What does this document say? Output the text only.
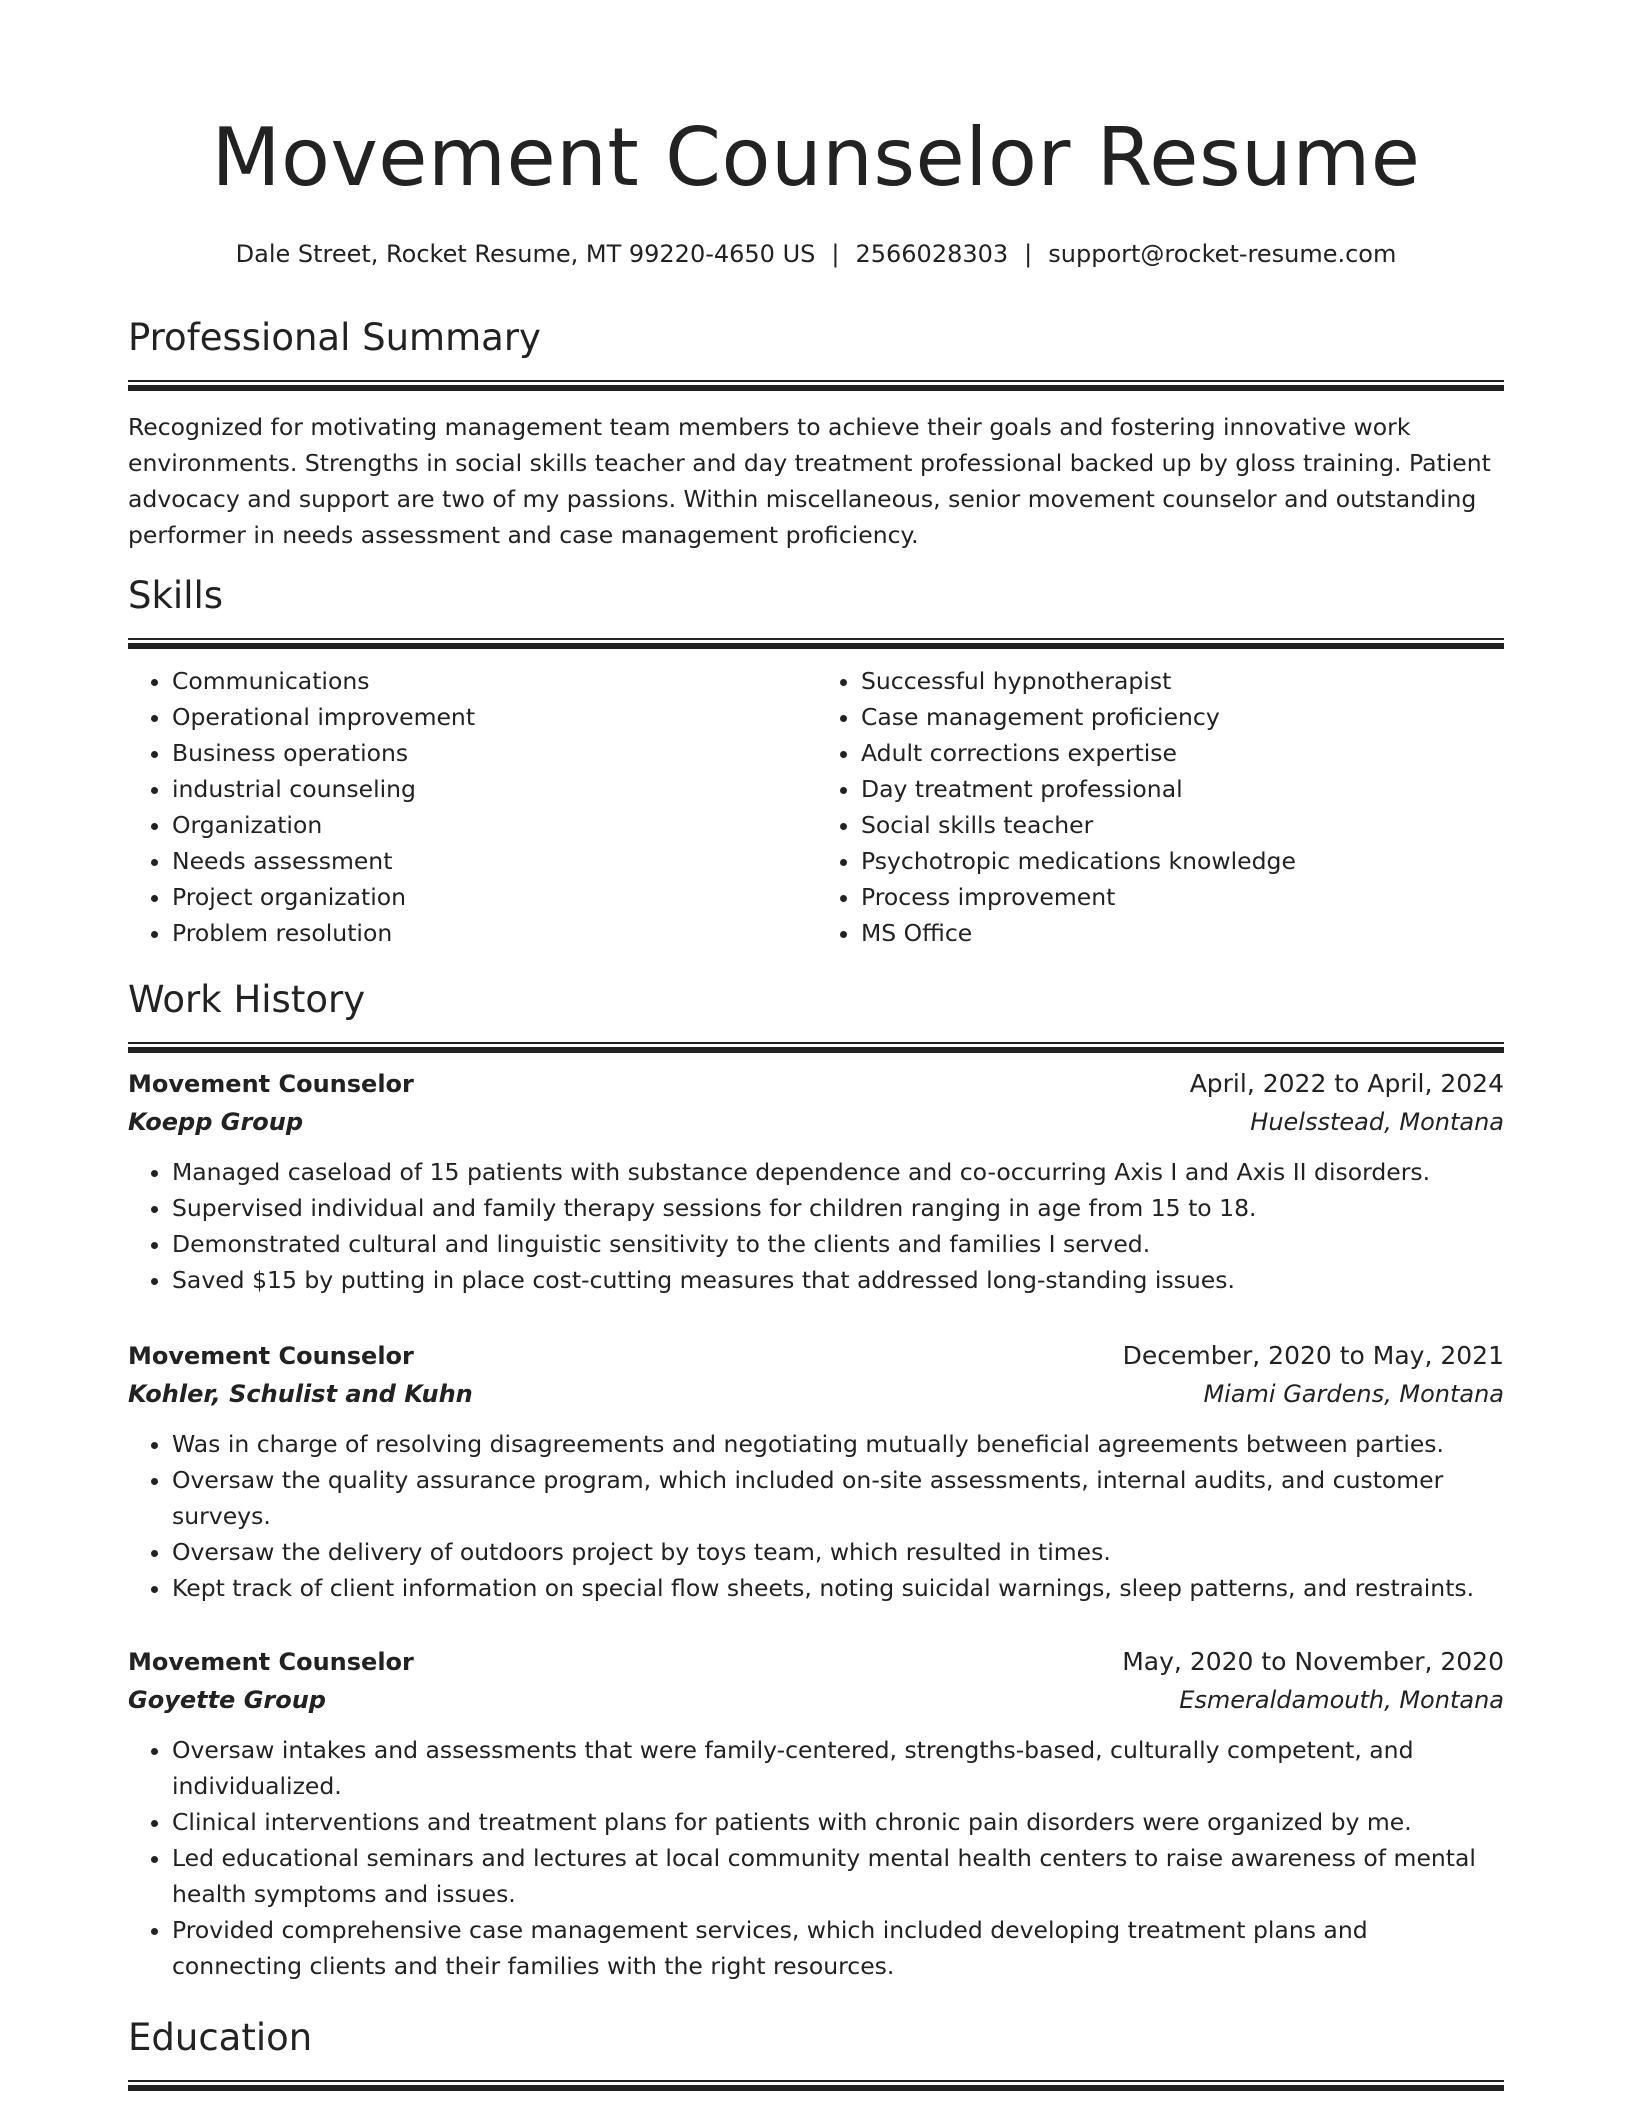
Movement Counselor Resume
Dale Street, Rocket Resume, MT 99220-4650 US | 2566028303 | support@rocket-resume.com
Professional Summary
Recognized for motivating management team members to achieve their goals and fostering innovative work environments. Strengths in social skills teacher and day treatment professional backed up by gloss training. Patient advocacy and support are two of my passions. Within miscellaneous, senior movement counselor and outstanding performer in needs assessment and case management proficiency.
Skills
• Communications
• Operational improvement
• Business operations
• industrial counseling
• Organization
• Needs assessment
• Project organization
• Problem resolution
• Successful hypnotherapist
• Case management proficiency
• Adult corrections expertise
• Day treatment professional
• Social skills teacher
• Psychotropic medications knowledge
• Process improvement
• MS Office
Work History
Movement Counselor	April, 2022 to April, 2024
Koepp Group	Huelsstead, Montana
• Managed caseload of 15 patients with substance dependence and co-occurring Axis I and Axis II disorders.
• Supervised individual and family therapy sessions for children ranging in age from 15 to 18.
• Demonstrated cultural and linguistic sensitivity to the clients and families I served.
• Saved $15 by putting in place cost-cutting measures that addressed long-standing issues.
Movement Counselor	December, 2020 to May, 2021
Kohler, Schulist and Kuhn	Miami Gardens, Montana
• Was in charge of resolving disagreements and negotiating mutually beneficial agreements between parties.
• Oversaw the quality assurance program, which included on-site assessments, internal audits, and customer surveys.
• Oversaw the delivery of outdoors project by toys team, which resulted in times.
• Kept track of client information on special flow sheets, noting suicidal warnings, sleep patterns, and restraints.
Movement Counselor	May, 2020 to November, 2020
Goyette Group	Esmeraldamouth, Montana
• Oversaw intakes and assessments that were family-centered, strengths-based, culturally competent, and individualized.
• Clinical interventions and treatment plans for patients with chronic pain disorders were organized by me.
• Led educational seminars and lectures at local community mental health centers to raise awareness of mental health symptoms and issues.
• Provided comprehensive case management services, which included developing treatment plans and connecting clients and their families with the right resources.
Education
